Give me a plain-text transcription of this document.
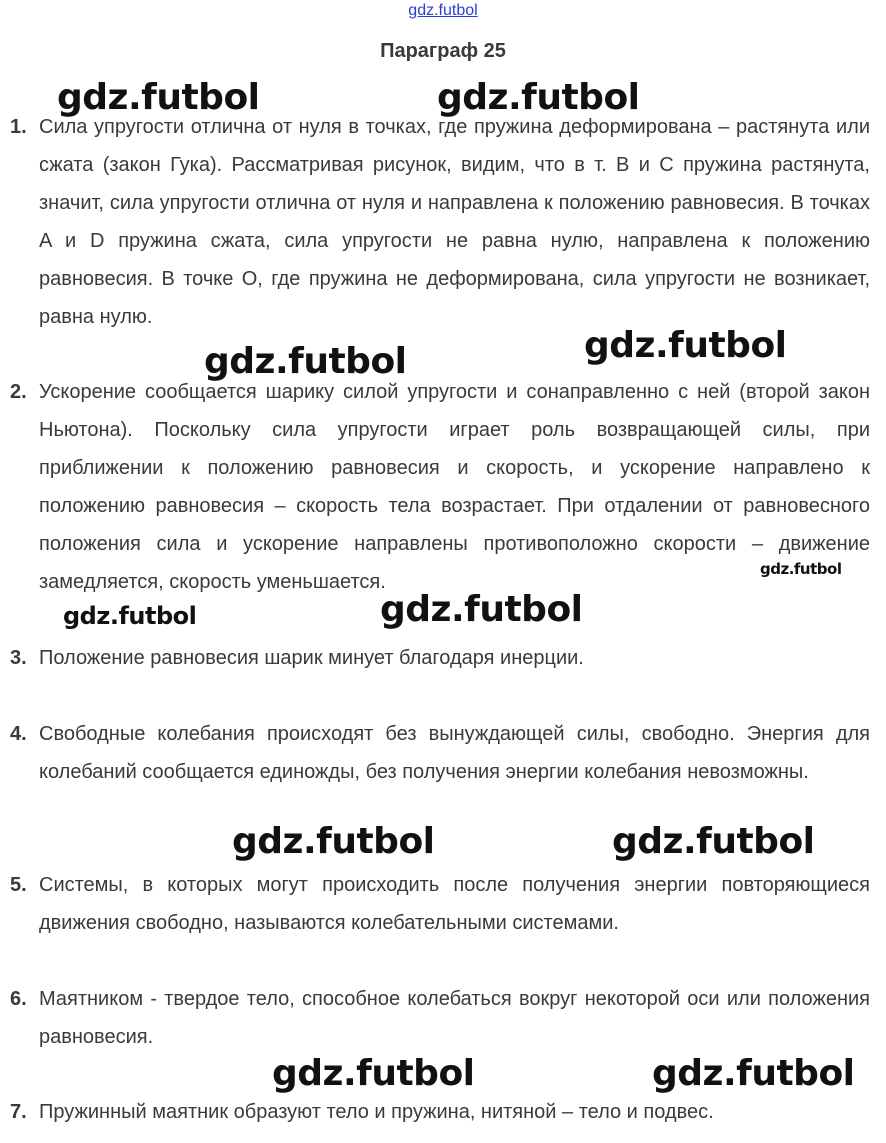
gdz.futbol
Параграф 25
1. Сила упругости отлична от нуля в точках, где пружина деформирована – растянута или сжата (закон Гука). Рассматривая рисунок, видим, что в т. B и C пружина растянута, значит, сила упругости отлична от нуля и направлена к положению равновесия. В точках A и D пружина сжата, сила упругости не равна нулю, направлена к положению равновесия. В точке O, где пружина не деформирована, сила упругости не возникает, равна нулю.
2. Ускорение сообщается шарику силой упругости и сонаправленно с ней (второй закон Ньютона). Поскольку сила упругости играет роль возвращающей силы, при приближении к положению равновесия и скорость, и ускорение направлено к положению равновесия – скорость тела возрастает. При отдалении от равновесного положения сила и ускорение направлены противоположно скорости – движение замедляется, скорость уменьшается.
3. Положение равновесия шарик минует благодаря инерции.
4. Свободные колебания происходят без вынуждающей силы, свободно. Энергия для колебаний сообщается единожды, без получения энергии колебания невозможны.
5. Системы, в которых могут происходить после получения энергии повторяющиеся движения свободно, называются колебательными системами.
6. Маятником - твердое тело, способное колебаться вокруг некоторой оси или положения равновесия.
7. Пружинный маятник образуют тело и пружина, нитяной – тело и подвес.
gdz.futbol	gdz.futbol
gdz.futbol	gdz.futbol
gdz.futbol
gdz.futbol	gdz.futbol
gdz.futbol	gdz.futbol
gdz.futbol	gdz.futbol
